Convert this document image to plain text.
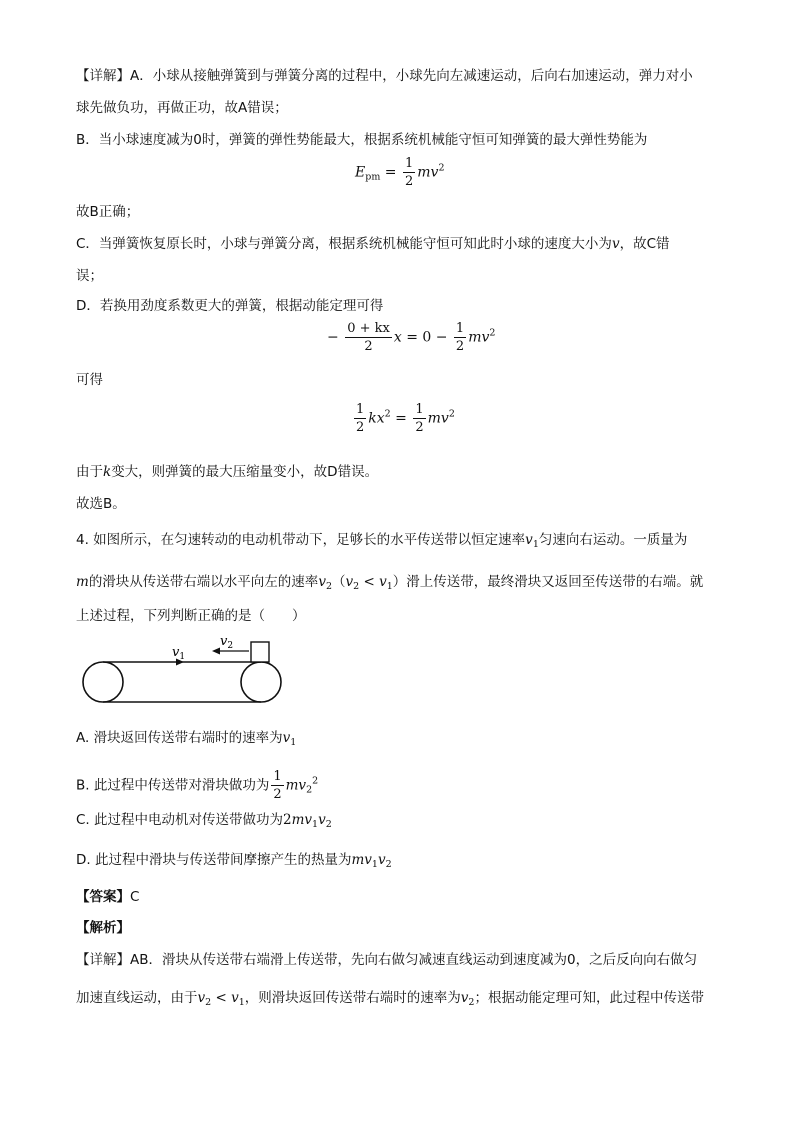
【详解】A．小球从接触弹簧到与弹簧分离的过程中，小球先向左减速运动，后向右加速运动，弹力对小
球先做负功，再做正功，故A错误；
B．当小球速度减为0时，弹簧的弹性势能最大，根据系统机械能守恒可知弹簧的最大弹性势能为
$E_{pm} = \frac{1}{2} mv^2$
故B正确；
C．当弹簧恢复原长时，小球与弹簧分离，根据系统机械能守恒可知此时小球的速度大小为v，故C错
误；
D．若换用劲度系数更大的弹簧，根据动能定理可得
− $\frac{0 + kx}{2}$ $x = 0 - \frac{1}{2} mv^2$
可得
$\frac{1}{2} kx^2 = \frac{1}{2} mv^2$
由于k变大，则弹簧的最大压缩量变小，故D错误。
故选B。
4. 如图所示，在匀速转动的电动机带动下，足够长的水平传送带以恒定速率$v_1$匀速向右运动。一质量为
m的滑块从传送带右端以水平向左的速率$v_2(v_2 < v_1)$滑上传送带，最终滑块又返回至传送带的右端。就
上述过程，下列判断正确的是（　　）
$v_1$
$v_2$
A. 滑块返回传送带右端时的速率为$v_1$
B. 此过程中传送带对滑块做功为 $\frac{1}{2} mv_2^2$
C. 此过程中电动机对传送带做功为$2mv_1v_2$
D. 此过程中滑块与传送带间摩擦产生的热量为$mv_1v_2$
【答案】C
【解析】
【详解】AB．滑块从传送带右端滑上传送带，先向右做匀减速直线运动到速度减为0，之后反向向右做匀
加速直线运动，由于$v_2 < v_1$，则滑块返回传送带右端时的速率为$v_2$；根据动能定理可知，此过程中传送带
